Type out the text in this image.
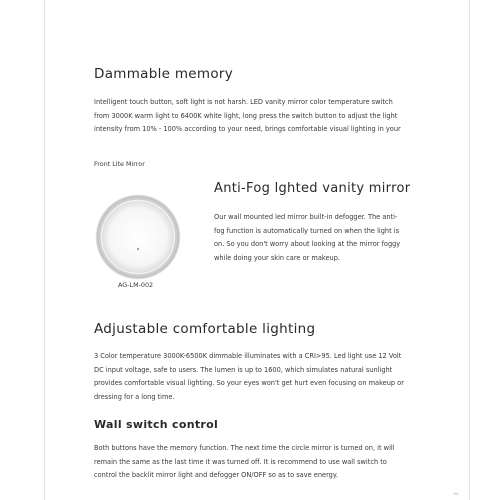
Dammable memory
Intelligent touch button, soft light is not harsh. LED vanity mirror color temperature switch
from 3000K warm light to 6400K white light, long press the switch button to adjust the light
intensity from 10% - 100% according to your need, brings comfortable visual lighting in your
Front Lite Mirror
AG-LM-002
Anti-Fog lghted vanity mirror
Our wall mounted led mirror built-in defogger. The anti-
fog function is automatically turned on when the light is
on. So you don't worry about looking at the mirror foggy
while doing your skin care or makeup.
Adjustable comfortable lighting
3 Color temperature 3000K-6500K dimmable illuminates with a CRI>95. Led light use 12 Volt
DC input voltage, safe to users. The lumen is up to 1600, which simulates natural sunlight
provides comfortable visual lighting. So your eyes won't get hurt even focusing on makeup or
dressing for a long time.
Wall switch control
Both buttons have the memory function. The next time the circle mirror is turned on, it will
remain the same as the last time it was turned off. It is recommend to use wall switch to
control the backlit mirror light and defogger ON/OFF so as to save energy.
04
